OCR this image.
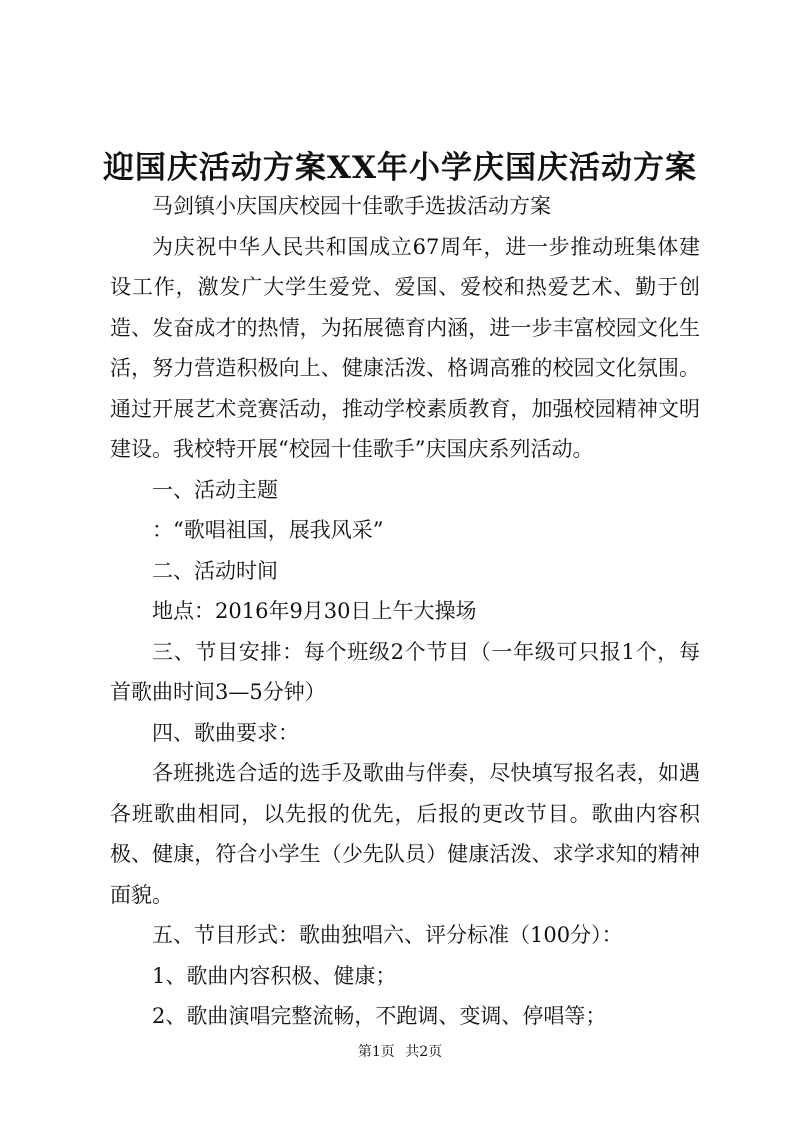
迎国庆活动方案XX年小学庆国庆活动方案

马剑镇小庆国庆校园十佳歌手选拔活动方案

为庆祝中华人民共和国成立67周年，进一步推动班集体建设工作，激发广大学生爱党、爱国、爱校和热爱艺术、勤于创造、发奋成才的热情，为拓展德育内涵，进一步丰富校园文化生活，努力营造积极向上、健康活泼、格调高雅的校园文化氛围。通过开展艺术竞赛活动，推动学校素质教育，加强校园精神文明建设。我校特开展“校园十佳歌手”庆国庆系列活动。

一、活动主题

：“歌唱祖国，展我风采”

二、活动时间

地点：2016年9月30日上午大操场

三、节目安排：每个班级2个节目（一年级可只报1个，每首歌曲时间3—5分钟）

四、歌曲要求：

各班挑选合适的选手及歌曲与伴奏，尽快填写报名表，如遇各班歌曲相同，以先报的优先，后报的更改节目。歌曲内容积极、健康，符合小学生（少先队员）健康活泼、求学求知的精神面貌。

五、节目形式：歌曲独唱六、评分标准（100分）：

1、歌曲内容积极、健康；

2、歌曲演唱完整流畅，不跑调、变调、停唱等；

第1页 共2页
